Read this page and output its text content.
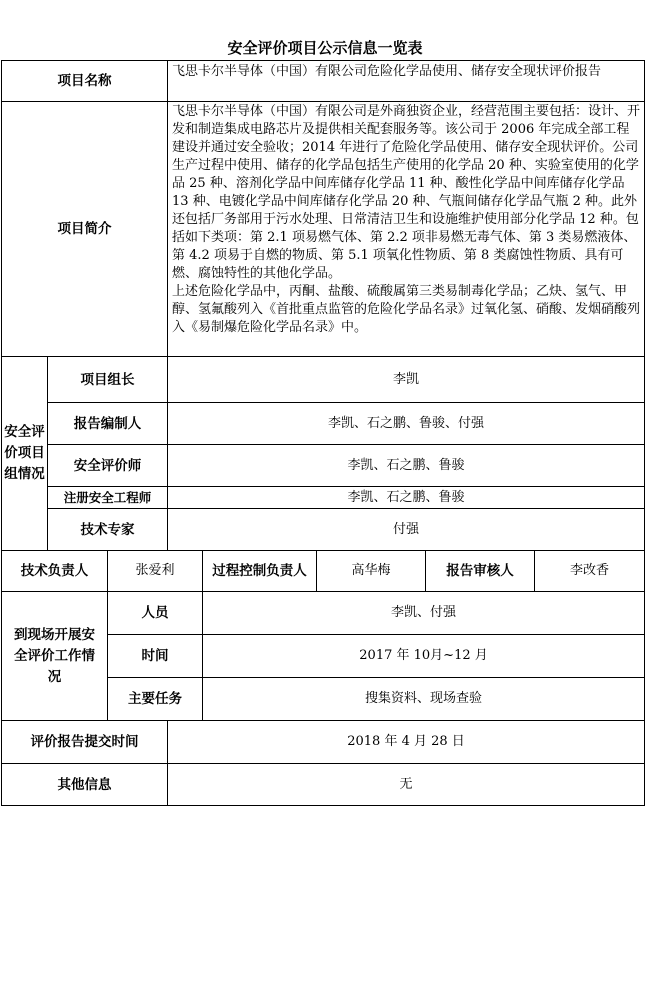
安全评价项目公示信息一览表
项目名称			飞思卡尔半导体（中国）有限公司危险化学品使用、储存安全现状评价报告				
项目简介			飞思卡尔半导体（中国）有限公司是外商独资企业，经营范围主要包括：设计、开发和制造集成电路芯片及提供相关配套服务等。该公司于 2006 年完成全部工程建设并通过安全验收；2014 年进行了危险化学品使用、储存安全现状评价。公司生产过程中使用、储存的化学品包括生产使用的化学品 20 种、实验室使用的化学品 25 种、溶剂化学品中间库储存化学品 11 种、酸性化学品中间库储存化学品 13 种、电镀化学品中间库储存化学品 20 种、气瓶间储存化学品气瓶 2 种。此外还包括厂务部用于污水处理、日常清洁卫生和设施维护使用部分化学品 12 种。包括如下类项：第 2.1 项易燃气体、第 2.2 项非易燃无毒气体、第 3 类易燃液体、第 4.2 项易于自燃的物质、第 5.1 项氧化性物质、第 8 类腐蚀性物质、具有可燃、腐蚀特性的其他化学品。
上述危险化学品中，丙酮、盐酸、硫酸属第三类易制毒化学品；乙炔、氢气、甲醇、氢氟酸列入《首批重点监管的危险化学品名录》过氧化氢、硝酸、发烟硝酸列入《易制爆危险化学品名录》中。				

安全评价项目组情况	项目组长		李凯				
	报告编制人		李凯、石之鹏、鲁骏、付强				
	安全评价师		李凯、石之鹏、鲁骏				
	注册安全工程师		李凯、石之鹏、鲁骏				
	技术专家		付强				
技术负责人		张爱利		过程控制负责人	高华梅	报告审核人	李改香
到现场开展安全评价工作情况		人员		李凯、付强			
		时间		2017 年 10月~12 月			
		主要任务		搜集资料、现场查验			
评价报告提交时间			2018 年 4 月 28 日				
其他信息			无				
